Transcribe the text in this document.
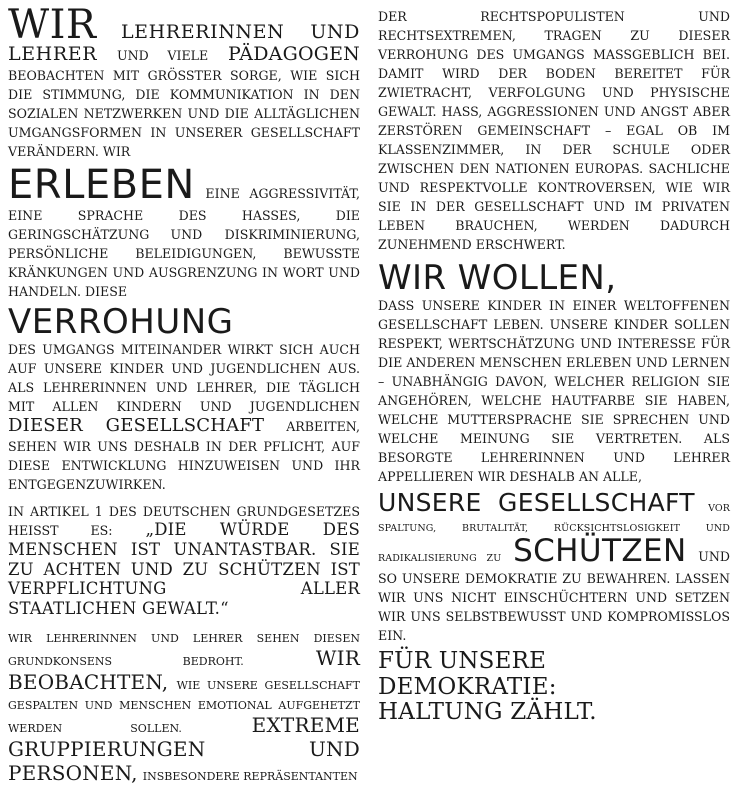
WIR LEHRERINNEN UND LEHRER UND VIELE PÄDAGOGEN BEOBACHTEN MIT GRÖSSTER SORGE, WIE SICH DIE STIMMUNG, DIE KOMMUNIKATION IN DEN SOZIALEN NETZWERKEN UND DIE ALLTÄGLICHEN UMGANGSFORMEN IN UNSERER GESELLSCHAFT VERÄNDERN. WIR

ERLEBEN EINE AGGRESSIVITÄT, EINE SPRACHE DES HASSES, DIE GERINGSCHÄTZUNG UND DISKRIMINIERUNG, PERSÖNLICHE BELEIDIGUNGEN, BEWUSSTE KRÄNKUNGEN UND AUSGRENZUNG IN WORT UND HANDELN. DIESE

VERROHUNG

DES UMGANGS MITEINANDER WIRKT SICH AUCH AUF UNSERE KINDER UND JUGENDLICHEN AUS. ALS LEHRERINNEN UND LEHRER, DIE TÄGLICH MIT ALLEN KINDERN UND JUGENDLICHEN DIESER GESELLSCHAFT ARBEITEN, SEHEN WIR UNS DESHALB IN DER PFLICHT, AUF DIESE ENTWICKLUNG HINZUWEISEN UND IHR ENTGEGENZUWIRKEN.

IN ARTIKEL 1 DES DEUTSCHEN GRUNDGESETZES HEISST ES: „DIE WÜRDE DES MENSCHEN IST UNANTASTBAR. SIE ZU ACHTEN UND ZU SCHÜTZEN IST VERPFLICHTUNG ALLER STAATLICHEN GEWALT.“

WIR LEHRERINNEN UND LEHRER SEHEN DIESEN GRUNDKONSENS BEDROHT.	WIR BEOBACHTEN, WIE UNSERE GESELLSCHAFT GESPALTEN UND MENSCHEN EMOTIONAL AUFGEHETZT WERDEN SOLLEN.	EXTREME GRUPPIERUNGEN UND PERSONEN, INSBESONDERE REPRÄSENTANTEN

DER RECHTSPOPULISTEN UND RECHTSEXTREMEN, TRAGEN ZU DIESER VERROHUNG DES UMGANGS MASSGEBLICH BEI. DAMIT WIRD DER BODEN BEREITET FÜR ZWIETRACHT, VERFOLGUNG UND PHYSISCHE GEWALT. HASS, AGGRESSIONEN UND ANGST ABER ZERSTÖREN GEMEINSCHAFT – EGAL OB IM KLASSENZIMMER, IN DER SCHULE ODER ZWISCHEN DEN NATIONEN EUROPAS. SACHLICHE UND RESPEKTVOLLE KONTROVERSEN, WIE WIR SIE IN DER GESELLSCHAFT UND IM PRIVATEN LEBEN BRAUCHEN, WERDEN DADURCH ZUNEHMEND ERSCHWERT.

WIR WOLLEN,

DASS UNSERE KINDER IN EINER WELTOFFENEN GESELLSCHAFT LEBEN. UNSERE KINDER SOLLEN RESPEKT, WERTSCHÄTZUNG UND INTERESSE FÜR DIE ANDEREN MENSCHEN ERLEBEN UND LERNEN – UNABHÄNGIG DAVON, WELCHER RELIGION SIE ANGEHÖREN, WELCHE HAUTFARBE SIE HABEN, WELCHE MUTTERSPRACHE SIE SPRECHEN UND WELCHE MEINUNG SIE VERTRETEN. ALS BESORGTE LEHRERINNEN UND LEHRER APPELLIEREN WIR DESHALB AN ALLE,

UNSERE GESELLSCHAFT VOR SPALTUNG, BRUTALITÄT, RÜCKSICHTSLOSIGKEIT UND RADIKALISIERUNG ZU SCHÜTZEN UND SO UNSERE DEMOKRATIE ZU BEWAHREN. LASSEN WIR UNS NICHT EINSCHÜCHTERN UND SETZEN WIR UNS SELBSTBEWUSST UND KOMPROMISSLOS EIN.

FÜR UNSERE DEMOKRATIE:
HALTUNG ZÄHLT.
